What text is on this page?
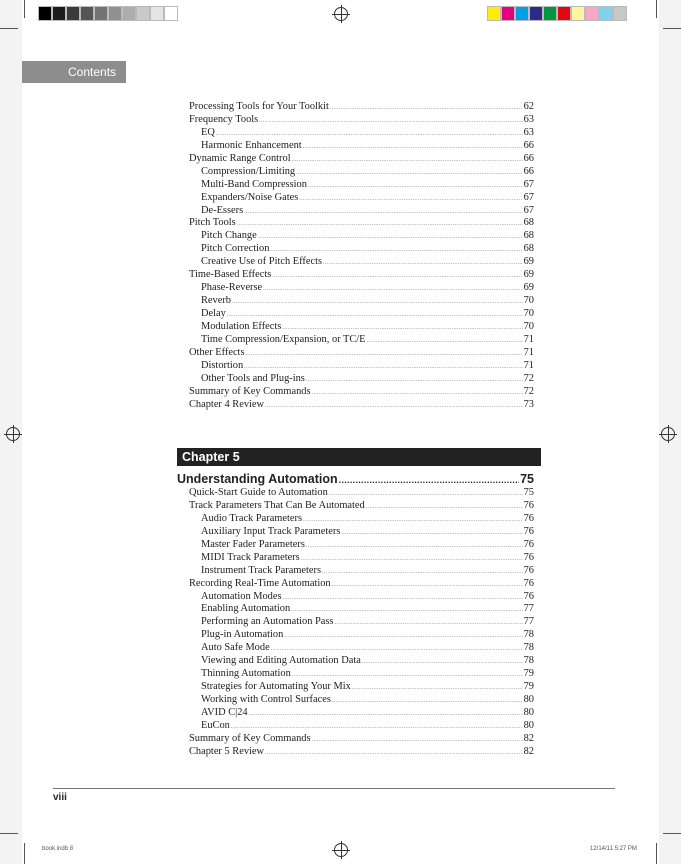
Contents
Processing Tools for Your Toolkit .....	62
Frequency Tools .....	63
EQ .....	63
Harmonic Enhancement .....	66
Dynamic Range Control .....	66
Compression/Limiting .....	66
Multi-Band Compression .....	67
Expanders/Noise Gates .....	67
De-Essers .....	67
Pitch Tools .....	68
Pitch Change .....	68
Pitch Correction .....	68
Creative Use of Pitch Effects .....	69
Time-Based Effects .....	69
Phase-Reverse .....	69
Reverb .....	70
Delay .....	70
Modulation Effects .....	70
Time Compression/Expansion, or TC/E .....	71
Other Effects .....	71
Distortion .....	71
Other Tools and Plug-ins .....	72
Summary of Key Commands .....	72
Chapter 4 Review .....	73
Chapter 5
Understanding Automation .....	75
Quick-Start Guide to Automation .....	75
Track Parameters That Can Be Automated .....	76
Audio Track Parameters .....	76
Auxiliary Input Track Parameters .....	76
Master Fader Parameters .....	76
MIDI Track Parameters .....	76
Instrument Track Parameters .....	76
Recording Real-Time Automation .....	76
Automation Modes .....	76
Enabling Automation .....	77
Performing an Automation Pass .....	77
Plug-in Automation .....	78
Auto Safe Mode .....	78
Viewing and Editing Automation Data .....	78
Thinning Automation .....	79
Strategies for Automating Your Mix .....	79
Working with Control Surfaces .....	80
AVID C|24 .....	80
EuCon .....	80
Summary of Key Commands .....	82
Chapter 5 Review .....	82
viii
book.indb 8	12/14/11 5:27 PM
